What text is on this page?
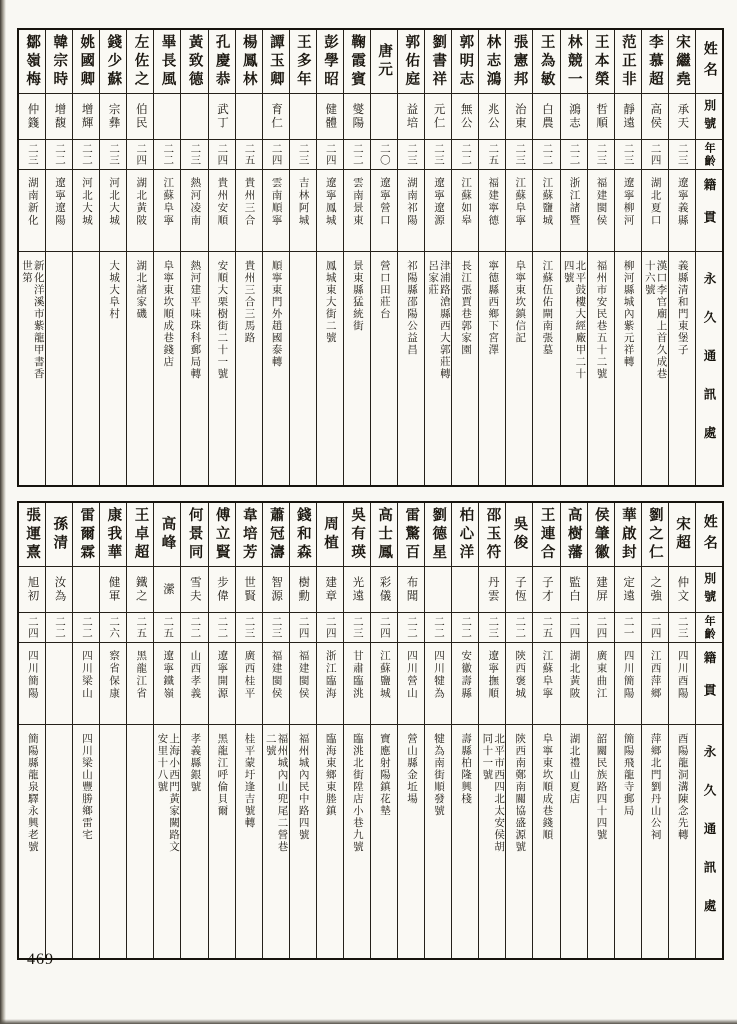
姓名
別號
年齡
籍貫
永久通訊處
宋繼堯
承天
二三
遼寧義縣
義縣清和門東堡子
李慕超
高侯
二四
湖北夏口
漢口李官廟上首久成巷十六號
范正非
靜遠
二三
遼寧柳河
柳河縣城內紫元祥轉
王本榮
哲順
二三
福建閩侯
福州市安民巷五十二號
林競一
鴻志
二二
浙江諸暨
北平鼓樓大經廠甲二十四號
王為敏
白農
二二
江蘇鹽城
江蘇伍佑閘南張墓
張憲邦
治東
二三
江蘇阜寧
阜寧東坎鎮信記
林志鴻
兆公
二五
福建寧德
寧德縣西鄉下宮澤
郭明志
無公
二二
江蘇如皋
長江張賈巷郭家園
劉書祥
元仁
二三
遼寧遼源
津浦路滄縣西大郭莊轉呂家莊
郭佑庭
益培
二三
湖南祁陽
祁陽縣邵陽公益昌
唐元
二〇
遼寧營口
營口田莊台
鞠霞賓
燮陽
二二
雲南景東
景東縣猛統街
彭學昭
健體
二四
遼寧鳳城
鳳城東大街二號
王多年
二三
吉林阿城
譚玉卿
育仁
二四
雲南順寧
順寧東門外趙國泰轉
楊鳳林
二五
貴州三合
貴州三合三馬路
孔慶恭
武丁
二四
貴州安順
安順大栗樹街二十一號
黃致德
二三
熱河凌南
熱河建平味珠科郵局轉
畢長風
二二
江蘇阜寧
阜寧東坎順成巷錢店
左佐之
伯民
二四
湖北黃陂
湖北諸家磯
錢少蘇
宗彝
二三
河北大城
大城大阜村
姚國卿
增輝
二二
河北大城
韓宗時
增馥
二二
遼寧遼陽
鄒嶺梅
仲籛
二三
湖南新化
新化洋溪市紫龍甲書香世第
姓名
別號
年齡
籍貫
永久通訊處
宋超
仲文
二三
四川酉陽
酉陽龍洞溝陳念先轉
劉之仁
之強
二四
江西萍鄉
萍鄉北門劉丹山公祠
華啟封
定遠
二一
四川簡陽
簡陽飛龍寺郵局
侯肇徽
建屏
二四
廣東曲江
韶關民族路四十四號
高樹藩
監白
二四
湖北黃陂
湖北禮山夏店
王連合
子才
二五
江蘇阜寧
阜寧東坎順成巷錢順
吳俊
子恆
二二
陝西褒城
陝西南鄭南關協盛源號
邵玉符
丹雲
二三
遼寧撫順
北平市西四北太安侯胡同十一號
柏心洋
二二
安徽壽縣
壽縣柏隆興棧
劉德星
二二
四川犍為
犍為南街順發號
雷驚百
布聞
二二
四川營山
營山縣金坵場
高士鳳
彩儀
二四
江蘇鹽城
寶應射陽鎮花墊
吳有瑛
光遠
二三
甘肅臨洮
臨洮北街陞店小巷九號
周植
建章
二四
浙江臨海
臨海東鄉東塍鎮
錢和森
樹勳
二四
福建閩侯
福州城內民中路四號
蕭冠濤
智源
二三
福建閩侯
福州城內山兜尾二營巷二號
韋培芳
世賢
二三
廣西桂平
桂平蒙圩逢吉號轉
傅立賢
步偉
二二
遼寧開源
黑龍江呼倫貝爾
何景同
雪夫
二二
山西孝義
孝義縣銀號
高峰
瀠
二五
遼寧鐵嶺
上海小西門黃家闕路文安里十八號
王卓超
鐵之
二五
黑龍江省
康我華
健軍
二六
察省保康
雷爾霖
二二
四川梁山
四川梁山豐勝鄉雷宅
孫清
汝為
二二
張運熹
旭初
二四
四川簡陽
簡陽縣龍泉驛永興老號
469
